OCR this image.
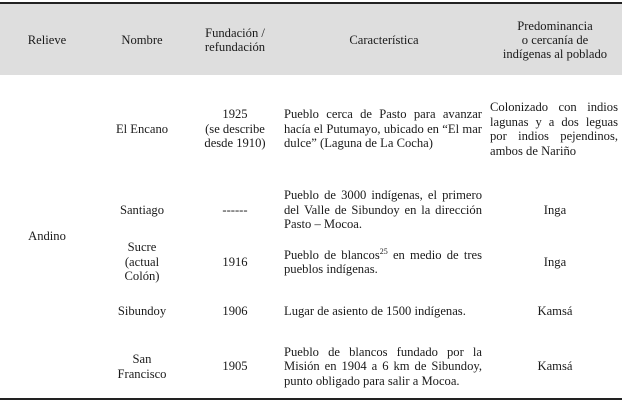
Relieve	Nombre	Fundación /
refundación	Característica	Predominancia
o cercanía de
indígenas al poblado

Andino	El Encano	1925
(se describe
desde 1910)	Pueblo cerca de Pasto para avanzar hacía el Putumayo, ubicado en “El mar dulce” (Laguna de La Cocha)	Colonizado con indios lagunas y a dos leguas por indios pejendinos, ambos de Nariño

	Santiago	------	Pueblo de 3000 indígenas, el primero del Valle de Sibundoy en la dirección Pasto – Mocoa.	Inga

	Sucre
(actual
Colón)	1916	Pueblo de blancos$^{25}$ en medio de tres pueblos indígenas.	Inga

	Sibundoy	1906	Lugar de asiento de 1500 indígenas.	Kamsá

	San
Francisco	1905	Pueblo de blancos fundado por la Misión en 1904 a 6 km de Sibundoy, punto obligado para salir a Mocoa.	Kamsá
